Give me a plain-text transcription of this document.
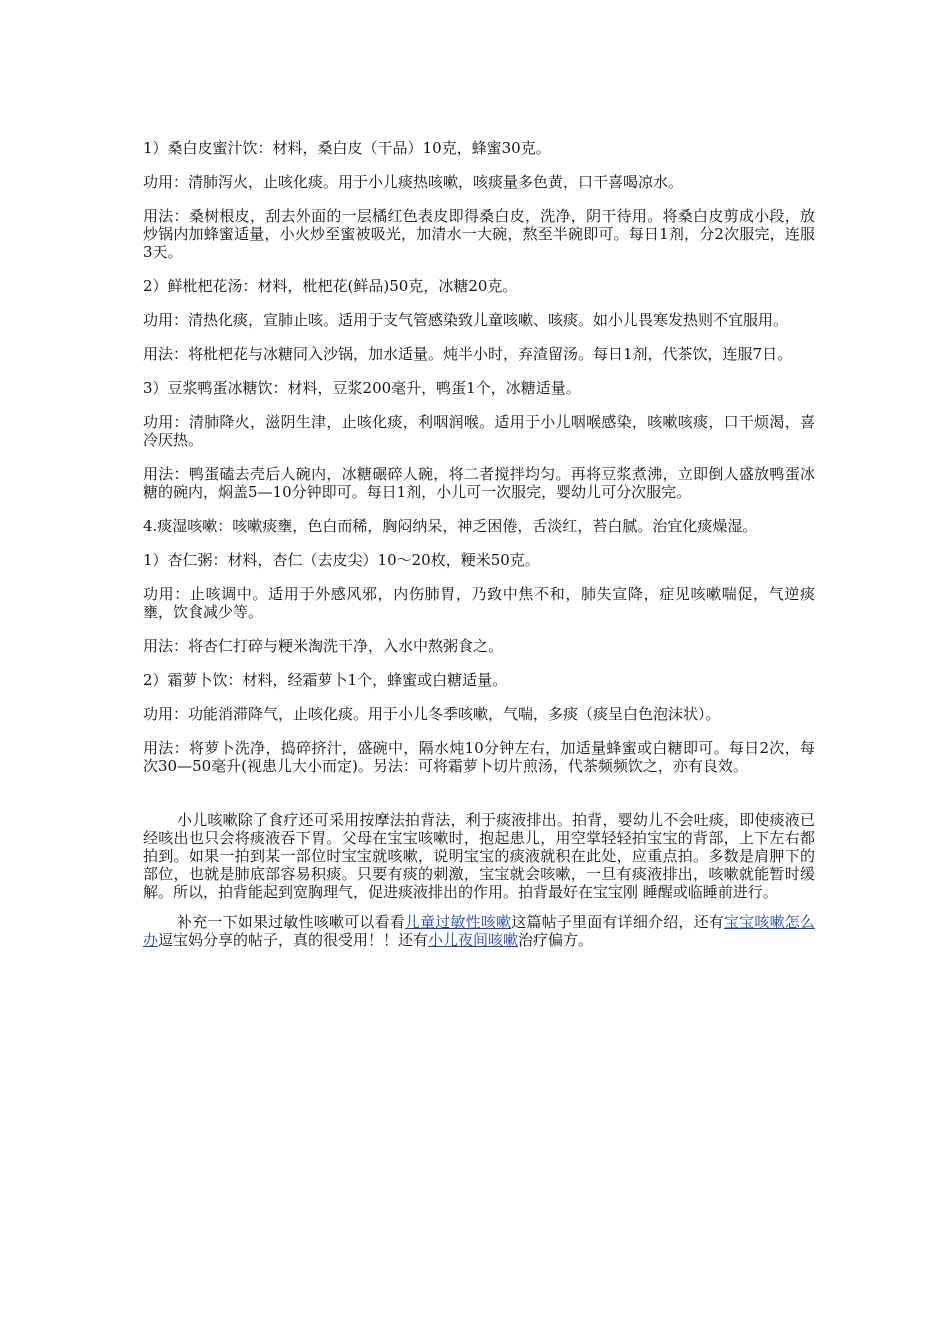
1）桑白皮蜜汁饮：材料，桑白皮（干品）10克，蜂蜜30克。

功用：清肺泻火，止咳化痰。用于小儿痰热咳嗽，咳痰量多色黄，口干喜喝凉水。

用法：桑树根皮，刮去外面的一层橘红色表皮即得桑白皮，洗净，阴干待用。将桑白皮剪成小段，放炒锅内加蜂蜜适量，小火炒至蜜被吸光，加清水一大碗，熬至半碗即可。每日1剂，分2次服完，连服3天。

2）鲜枇杷花汤：材料，枇杷花(鲜品)50克，冰糖20克。

功用：清热化痰，宣肺止咳。适用于支气管感染致儿童咳嗽、咳痰。如小儿畏寒发热则不宜服用。

用法：将枇杷花与冰糖同入沙锅，加水适量。炖半小时，弃渣留汤。每日1剂，代茶饮，连服7日。

3）豆浆鸭蛋冰糖饮：材料，豆浆200毫升，鸭蛋1个，冰糖适量。

功用：清肺降火，滋阴生津，止咳化痰，利咽润喉。适用于小儿咽喉感染，咳嗽咳痰，口干烦渴，喜冷厌热。

用法：鸭蛋磕去壳后人碗内，冰糖碾碎人碗，将二者搅拌均匀。再将豆浆煮沸，立即倒人盛放鸭蛋冰糖的碗内，焖盖5—10分钟即可。每日1剂，小儿可一次服完，婴幼儿可分次服完。

4.痰湿咳嗽：咳嗽痰壅，色白而稀，胸闷纳呆，神乏困倦，舌淡红，苔白腻。治宜化痰燥湿。

1）杏仁粥：材料，杏仁（去皮尖）10～20枚，粳米50克。

功用：止咳调中。适用于外感风邪，内伤肺胃，乃致中焦不和，肺失宣降，症见咳嗽喘促，气逆痰壅，饮食减少等。

用法：将杏仁打碎与粳米淘洗干净，入水中熬粥食之。

2）霜萝卜饮：材料，经霜萝卜1个，蜂蜜或白糖适量。

功用：功能消滞降气，止咳化痰。用于小儿冬季咳嗽，气喘，多痰（痰呈白色泡沫状）。

用法：将萝卜洗净，捣碎挤汁，盛碗中，隔水炖10分钟左右，加适量蜂蜜或白糖即可。每日2次，每次30—50毫升(视患儿大小而定)。另法：可将霜萝卜切片煎汤，代茶频频饮之，亦有良效。

小儿咳嗽除了食疗还可采用按摩法拍背法，利于痰液排出。拍背，婴幼儿不会吐痰，即使痰液已经咳出也只会将痰液吞下胃。父母在宝宝咳嗽时，抱起患儿，用空掌轻轻拍宝宝的背部，上下左右都拍到。如果一拍到某一部位时宝宝就咳嗽，说明宝宝的痰液就积在此处，应重点拍。多数是肩胛下的部位，也就是肺底部容易积痰。只要有痰的刺激，宝宝就会咳嗽，一旦有痰液排出，咳嗽就能暂时缓解。所以，拍背能起到宽胸理气，促进痰液排出的作用。拍背最好在宝宝刚 睡醒或临睡前进行。

补充一下如果过敏性咳嗽可以看看儿童过敏性咳嗽这篇帖子里面有详细介绍，还有宝宝咳嗽怎么办逗宝妈分享的帖子，真的很受用！！还有小儿夜间咳嗽治疗偏方。
